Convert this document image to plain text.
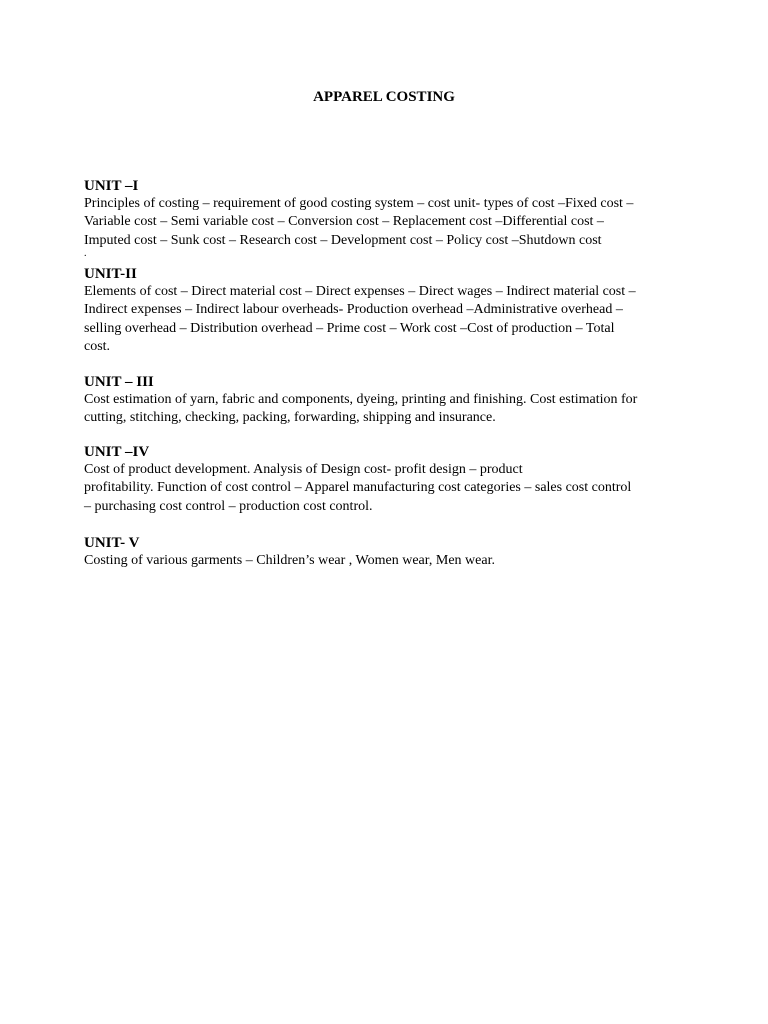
APPAREL COSTING
UNIT –I

Principles of costing – requirement of good costing system – cost unit- types of cost –Fixed cost –
Variable cost – Semi variable cost – Conversion cost – Replacement cost –Differential cost –
Imputed cost – Sunk cost – Research cost – Development cost – Policy cost –Shutdown cost
.

UNIT-II

Elements of cost – Direct material cost – Direct expenses – Direct wages – Indirect material cost –
Indirect expenses – Indirect labour overheads- Production overhead –Administrative overhead –
selling overhead – Distribution overhead – Prime cost – Work cost –Cost of production – Total
cost.

UNIT – III

Cost estimation of yarn, fabric and components, dyeing, printing and finishing. Cost estimation for
cutting, stitching, checking, packing, forwarding, shipping and insurance.

UNIT –IV

Cost of product development. Analysis of Design cost- profit design – product
profitability. Function of cost control – Apparel manufacturing cost categories – sales cost control
– purchasing cost control – production cost control.

UNIT- V

Costing of various garments – Children’s wear , Women wear, Men wear.
